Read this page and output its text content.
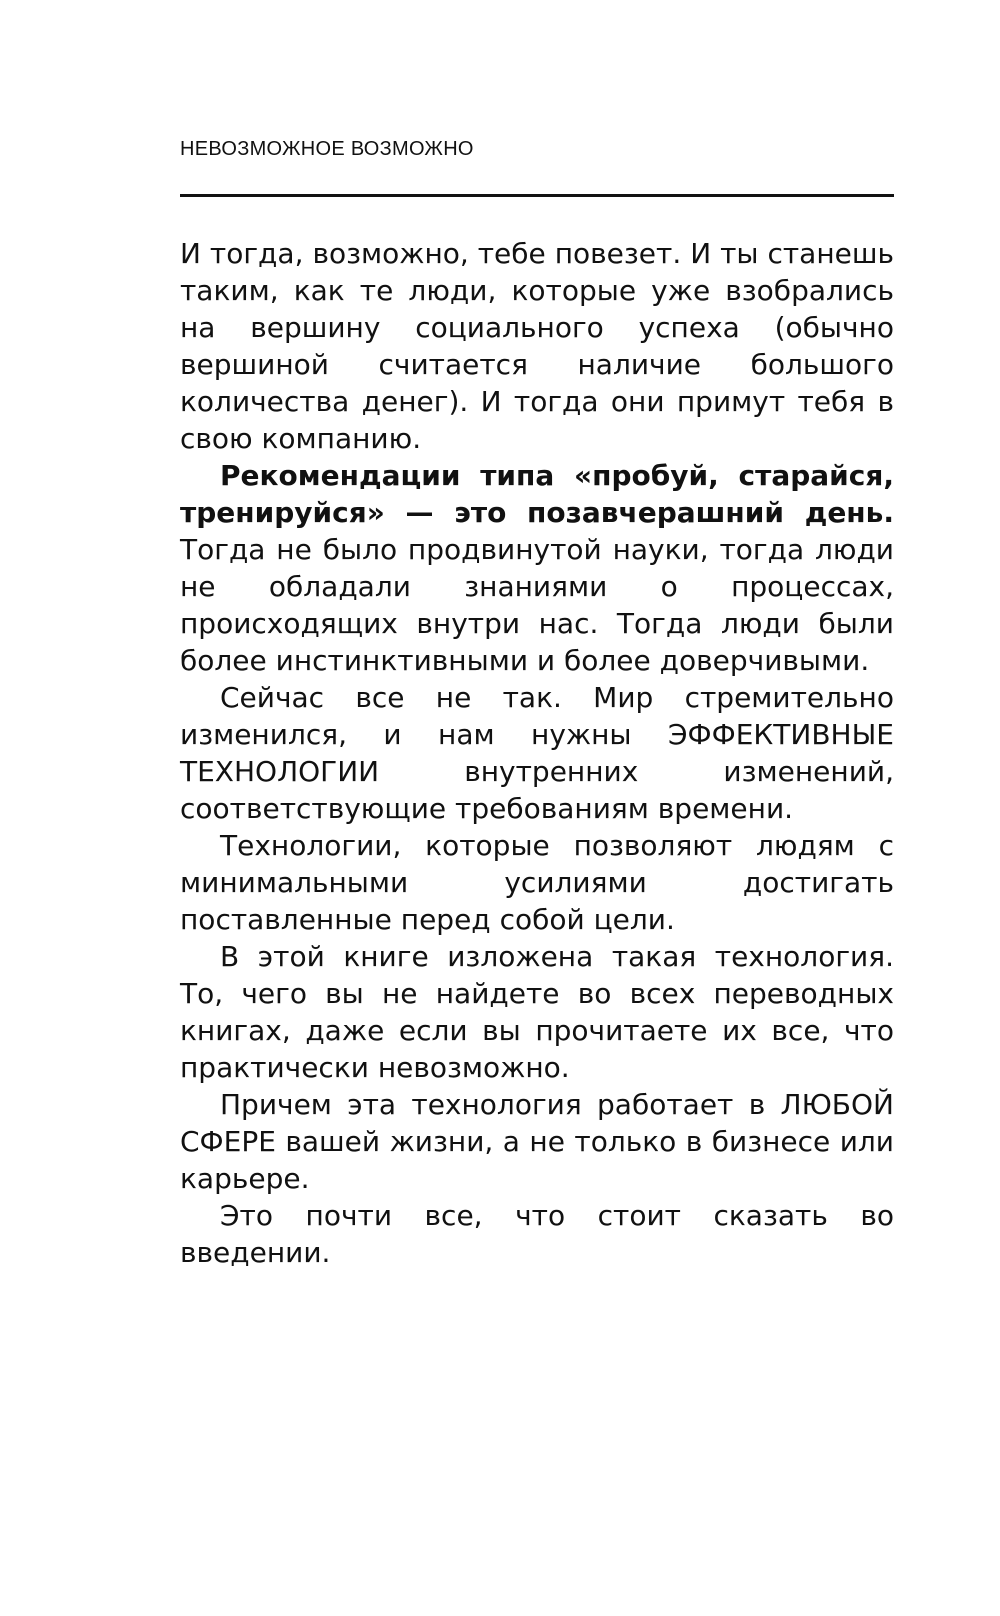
НЕВОЗМОЖНОЕ ВОЗМОЖНО

И тогда, возможно, тебе повезет. И ты станешь таким, как те люди, которые уже взобрались на вершину социального успеха (обычно вершиной считается наличие большого количества денег). И тогда они примут тебя в свою компанию.

Рекомендации типа «пробуй, старайся, тренируйся» — это позавчерашний день. Тогда не было продвинутой науки, тогда люди не обладали знаниями о процессах, происходящих внутри нас. Тогда люди были более инстинктивными и более доверчивыми.

Сейчас все не так. Мир стремительно изменился, и нам нужны ЭФФЕКТИВНЫЕ ТЕХНОЛОГИИ внутренних изменений, соответствующие требованиям времени.

Технологии, которые позволяют людям с минимальными усилиями достигать поставленные перед собой цели.

В этой книге изложена такая технология. То, чего вы не найдете во всех переводных книгах, даже если вы прочитаете их все, что практически невозможно.

Причем эта технология работает в ЛЮБОЙ СФЕРЕ вашей жизни, а не только в бизнесе или карьере.

Это почти все, что стоит сказать во введении.
